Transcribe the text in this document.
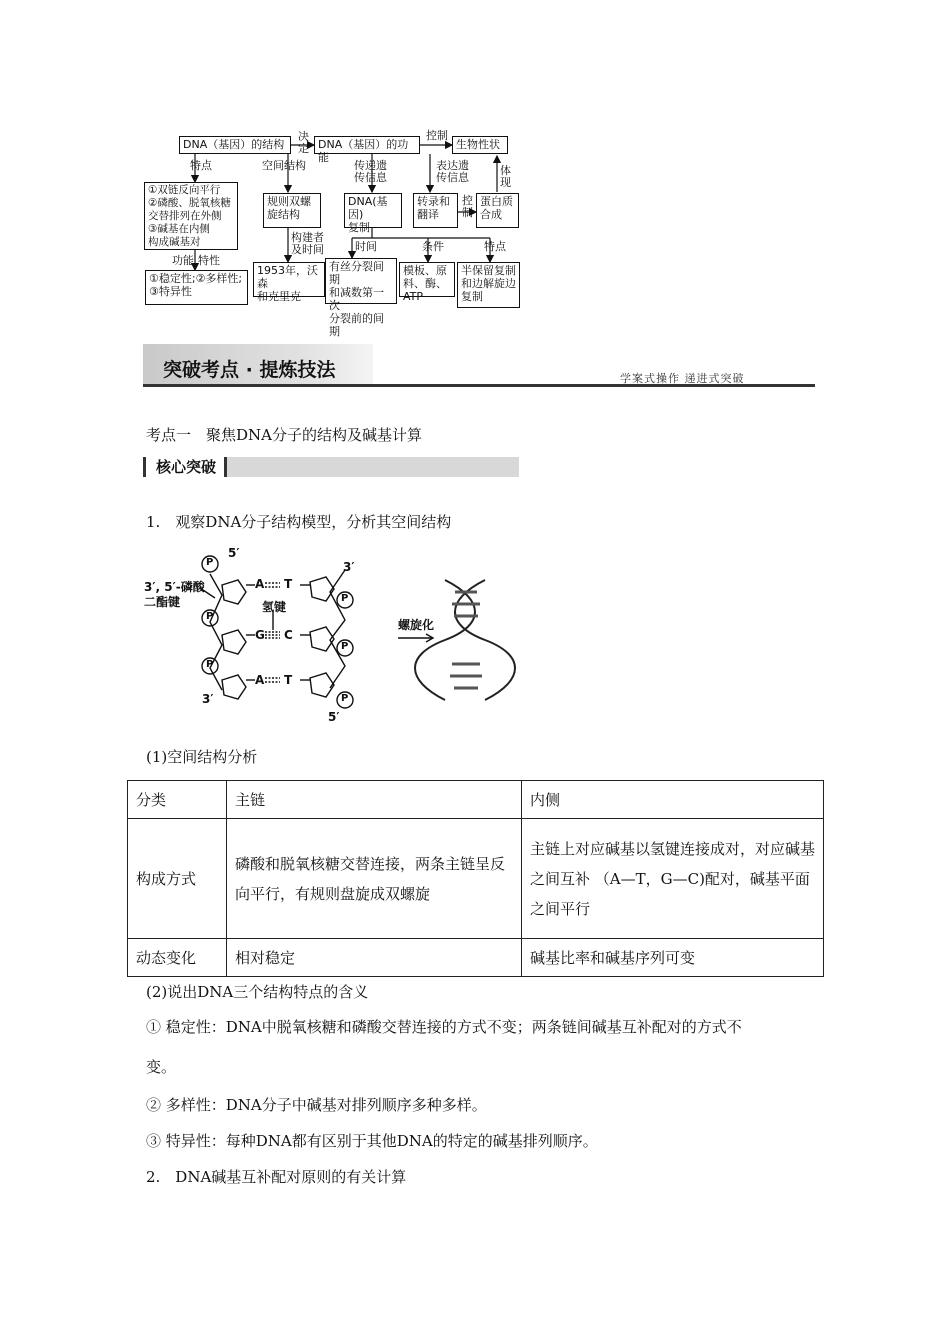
DNA（基因）的结构
决
定 DNA（基因）的功能
控制
生物性状
特点	空间结构	传递遗
传信息
表达遗
传信息
体
现
①双链反向平行
②磷酸、脱氧核糖
交替排列在外侧
③碱基在内侧
构成碱基对
规则双螺
旋结构
DNA(基因)
复制
转录和
翻译
控
制
蛋白质
合成
功能 特性
构建者
及时间	时间	条件	特点
①稳定性;②多样性;
③特异性
1953年，沃森
和克里克
有丝分裂间期
和减数第一次
分裂前的间期
模板、原
料、酶、ATP
半保留复制
和边解旋边
复制
突破考点 · 提炼技法	学案式操作 递进式突破
考点一　聚焦DNA分子的结构及碱基计算
核心突破
1.　观察DNA分子结构模型，分析其空间结构
5′
3′
3′, 5′-磷酸
二酯键
P
P
P
P
P
P
A T
氢键
G C
A T
3′
5′
螺旋化
(1)空间结构分析
分类	主链	内侧
构成方式	磷酸和脱氧核糖交替连接，两条主链呈反向平行，有规则盘旋成双螺旋	主链上对应碱基以氢键连接成对，对应碱基之间互补 （A—T，G—C)配对，碱基平面之间平行
动态变化	相对稳定	碱基比率和碱基序列可变
(2)说出DNA三个结构特点的含义
① 稳定性：DNA中脱氧核糖和磷酸交替连接的方式不变；两条链间碱基互补配对的方式不
变。
② 多样性：DNA分子中碱基对排列顺序多种多样。
③ 特异性：每种DNA都有区别于其他DNA的特定的碱基排列顺序。
2.　DNA碱基互补配对原则的有关计算
